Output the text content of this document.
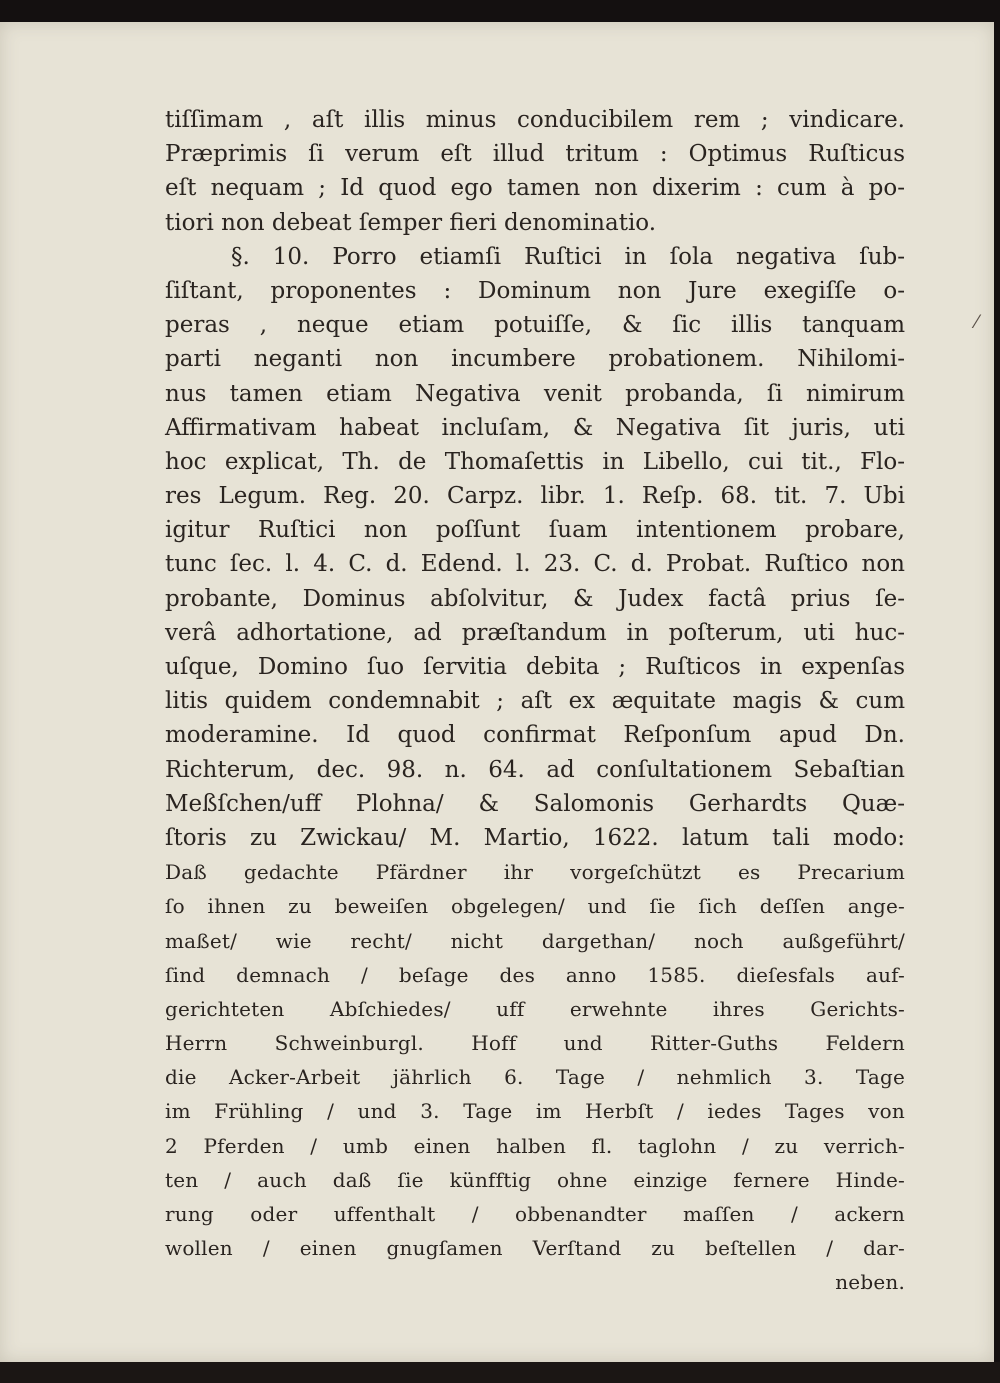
tiſſimam , aſt illis minus conducibilem rem ; vindicare.
Præprimis ſi verum eſt illud tritum : Optimus Ruſticus
eſt nequam ; Id quod ego tamen non dixerim : cum à po-
tiori non debeat ſemper fieri denominatio.
§. 10. Porro etiamſi Ruſtici in ſola negativa ſub-
ſiſtant, proponentes : Dominum non Jure exegiſſe o-
peras , neque etiam potuiſſe, & ſic illis tanquam
parti neganti non incumbere probationem. Nihilomi-
nus tamen etiam Negativa venit probanda, ſi nimirum
Affirmativam habeat incluſam, & Negativa ſit juris, uti
hoc explicat, Th. de Thomaſettis in Libello, cui tit., Flo-
res Legum. Reg. 20. Carpz. libr. 1. Reſp. 68. tit. 7. Ubi
igitur Ruſtici non poſſunt ſuam intentionem probare,
tunc ſec. l. 4. C. d. Edend. l. 23. C. d. Probat. Ruſtico non
probante, Dominus abſolvitur, & Judex factâ prius ſe-
verâ adhortatione, ad præſtandum in poſterum, uti huc-
uſque, Domino ſuo ſervitia debita ; Ruſticos in expenſas
litis quidem condemnabit ; aſt ex æquitate magis & cum
moderamine. Id quod confirmat Reſponſum apud Dn.
Richterum, dec. 98. n. 64. ad conſultationem Sebaſtian
Meßſchen/uff Plohna/ & Salomonis Gerhardts Quæ-
ſtoris zu Zwickau/ M. Martio, 1622. latum tali modo:
Daß gedachte Pfärdner ihr vorgeſchützt es Precarium
ſo ihnen zu beweiſen obgelegen/ und ſie ſich deſſen ange-
maßet/ wie recht/ nicht dargethan/ noch außgeführt/
ſind demnach / beſage des anno 1585. dieſesfals auf-
gerichteten Abſchiedes/ uff erwehnte ihres Gerichts-
Herrn Schweinburgl. Hoff und Ritter-Guths Feldern
die Acker-Arbeit jährlich 6. Tage / nehmlich 3. Tage
im Frühling / und 3. Tage im Herbſt / iedes Tages von
2 Pferden / umb einen halben fl. taglohn / zu verrich-
ten / auch daß ſie künfftig ohne einzige fernere Hinde-
rung oder uffenthalt / obbenandter maſſen / ackern
wollen / einen gnugſamen Verſtand zu beſtellen / dar-
neben.
⁄
